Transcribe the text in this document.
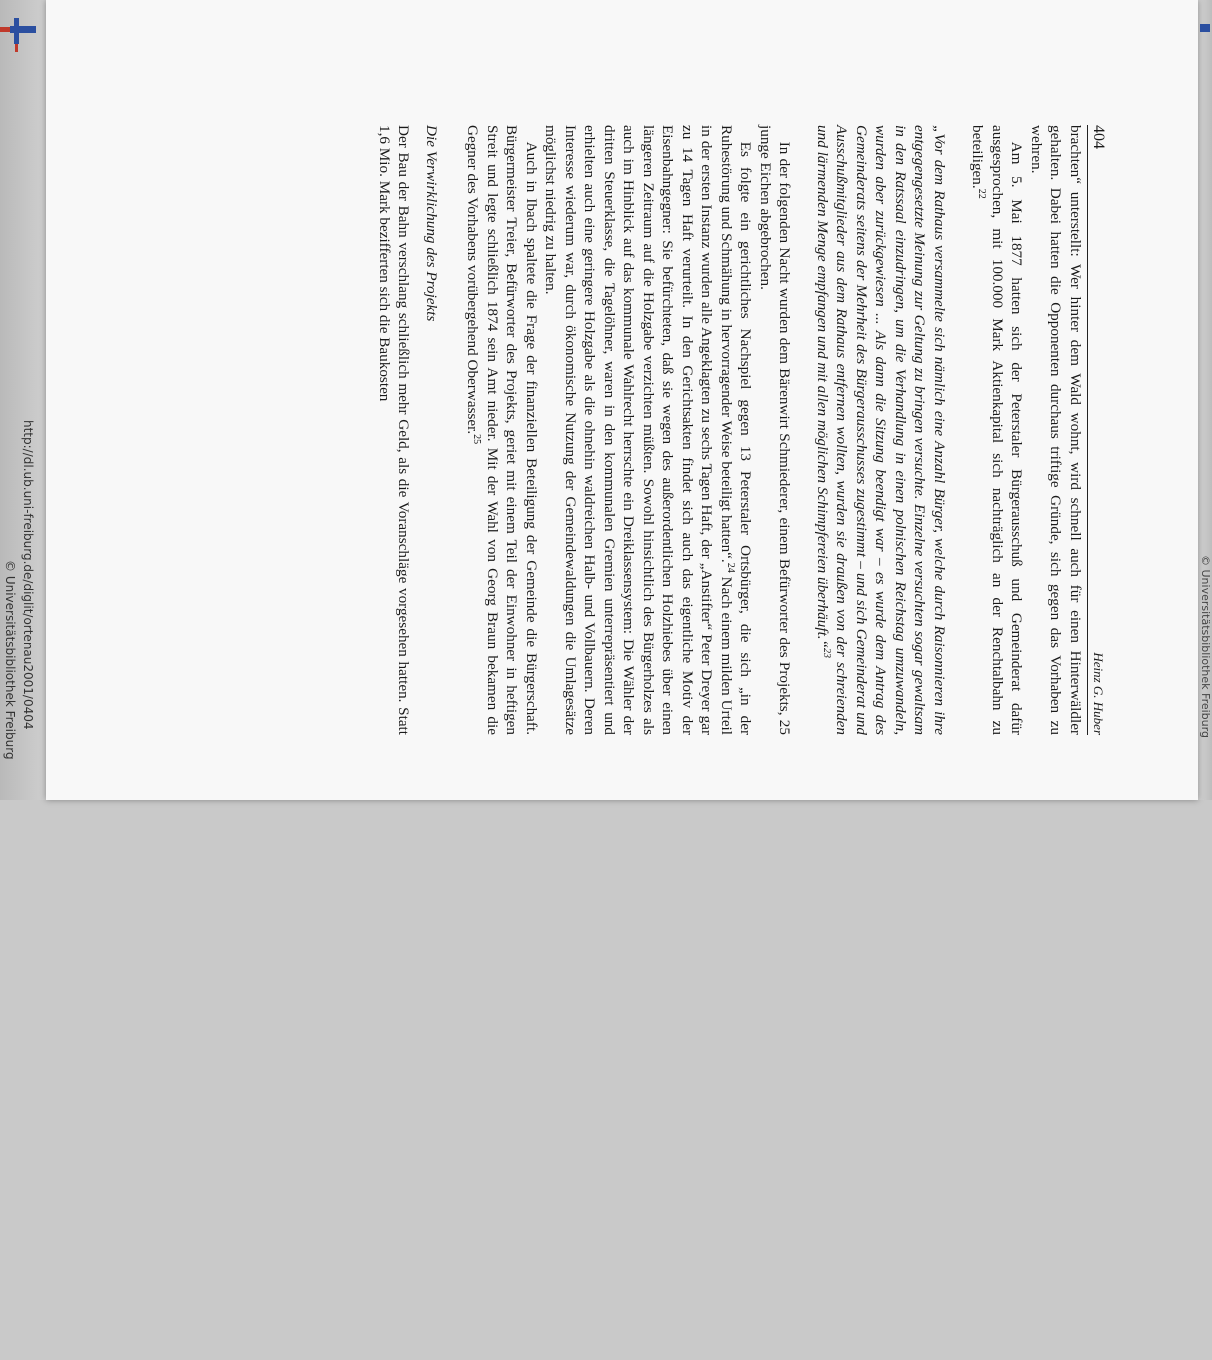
http://dl.ub.uni-freiburg.de/diglit/ortenau2001/0404
© Universitätsbibliothek Freiburg	© Universitätsbibliothek Freiburg
404
Heinz G. Huber

brachten“ unterstellt: Wer hinter dem Wald wohnt, wird schnell auch für einen Hinterwäldler gehalten. Dabei hatten die Opponenten durchaus triftige Gründe, sich gegen das Vorhaben zu wehren.

Am 5. Mai 1877 hatten sich der Peterstaler Bürgerausschuß und Gemeinderat dafür ausgesprochen, mit 100.000 Mark Aktienkapital sich nachträglich an der Renchtalbahn zu beteiligen.$^{22}$

„Vor dem Rathaus versammelte sich nämlich eine Anzahl Bürger, welche durch Raisonnieren ihre entgegengesetzte Meinung zur Geltung zu bringen versuchte. Einzelne versuchten sogar gewaltsam in den Ratssaal einzudringen, um die Verhandlung in einen polnischen Reichstag umzuwandeln, wurden aber zurückgewiesen ... Als dann die Sitzung beendigt war – es wurde dem Antrag des Gemeinderats seitens der Mehrheit des Bürgerausschusses zugestimmt – und sich Gemeinderat und Ausschußmitglieder aus dem Rathaus entfernen wollten, wurden sie draußen von der schreienden und lärmenden Menge empfangen und mit allen möglichen Schimpfereien überhäuft.“$^{23}$

In der folgenden Nacht wurden dem Bärenwirt Schmiederer, einem Befürworter des Projekts, 25 junge Eichen abgebrochen.

Es folgte ein gerichtliches Nachspiel gegen 13 Peterstaler Ortsbürger, die sich „in der Ruhestörung und Schmähung in hervorragender Weise beteiligt hatten“.$^{24}$ Nach einem milden Urteil in der ersten Instanz wurden alle Angeklagten zu sechs Tagen Haft, der „Anstifter“ Peter Dreyer gar zu 14 Tagen Haft verurteilt. In den Gerichtsakten findet sich auch das eigentliche Motiv der Eisenbahngegner: Sie befürchteten, daß sie wegen des außerordentlichen Holzhiebes über einen längeren Zeitraum auf die Holzgabe verzichten müßten. Sowohl hinsichtlich des Bürgerholzes als auch im Hinblick auf das kommunale Wahlrecht herrschte ein Dreiklassensystem: Die Wähler der dritten Steuerklasse, die Tagelöhner, waren in den kommunalen Gremien unterrepräsentiert und erhielten auch eine geringere Holzgabe als die ohnehin waldreichen Halb- und Vollbauern. Deren Interesse wiederum war, durch ökonomische Nutzung der Gemeindewaldungen die Umlagesätze möglichst niedrig zu halten.

Auch in Ibach spaltete die Frage der finanziellen Beteiligung der Gemeinde die Bürgerschaft. Bürgermeister Treier, Befürworter des Projekts, geriet mit einem Teil der Einwohner in heftigen Streit und legte schließlich 1874 sein Amt nieder. Mit der Wahl von Georg Braun bekamen die Gegner des Vorhabens vorübergehend Oberwasser.$^{25}$

Die Verwirklichung des Projekts

Der Bau der Bahn verschlang schließlich mehr Geld, als die Voranschläge vorgesehen hatten. Statt 1,6 Mio. Mark bezifferten sich die Baukosten
